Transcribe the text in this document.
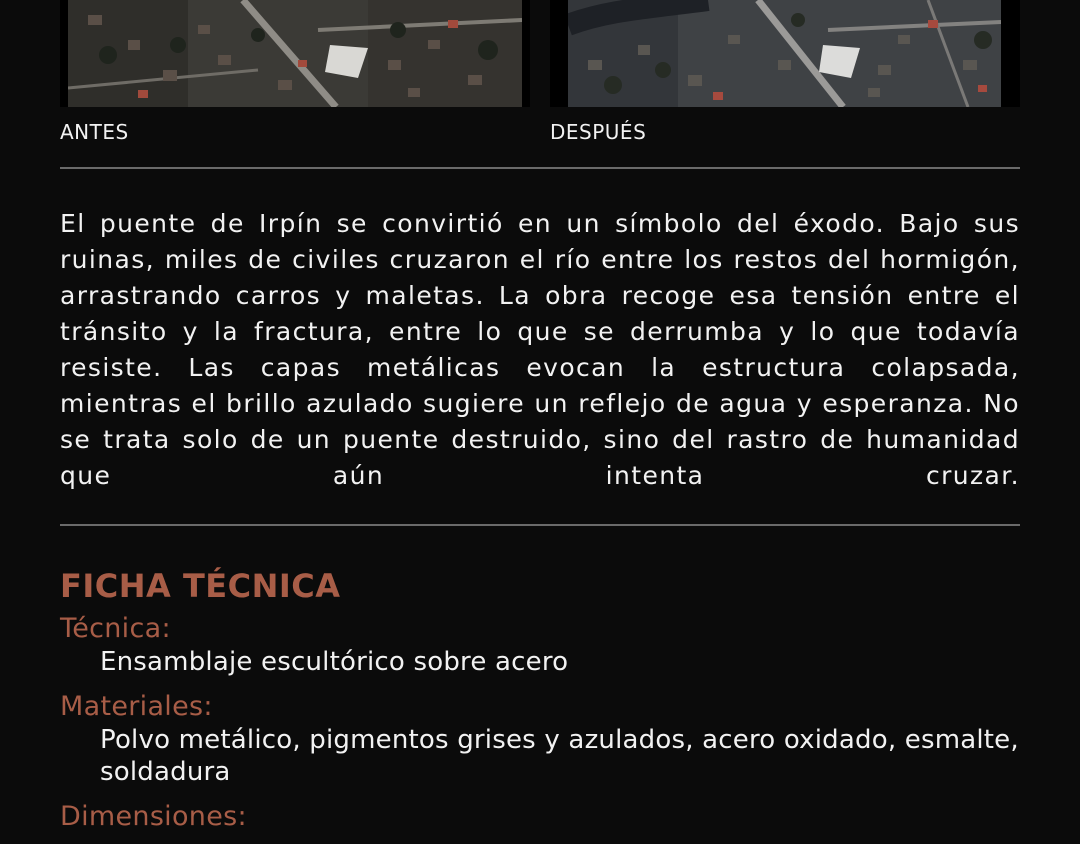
ANTES	DESPUÉS

El puente de Irpín se convirtió en un símbolo del éxodo. Bajo sus ruinas, miles de civiles cruzaron el río entre los restos del hormigón, arrastrando carros y maletas. La obra recoge esa tensión entre el tránsito y la fractura, entre lo que se derrumba y lo que todavía resiste. Las capas metálicas evocan la estructura colapsada, mientras el brillo azulado sugiere un reflejo de agua y esperanza. No se trata solo de un puente destruido, sino del rastro de humanidad que aún intenta cruzar.

FICHA TÉCNICA
Técnica:
Ensamblaje escultórico sobre acero
Materiales:
Polvo metálico, pigmentos grises y azulados, acero oxidado, esmalte, soldadura
Dimensiones:
